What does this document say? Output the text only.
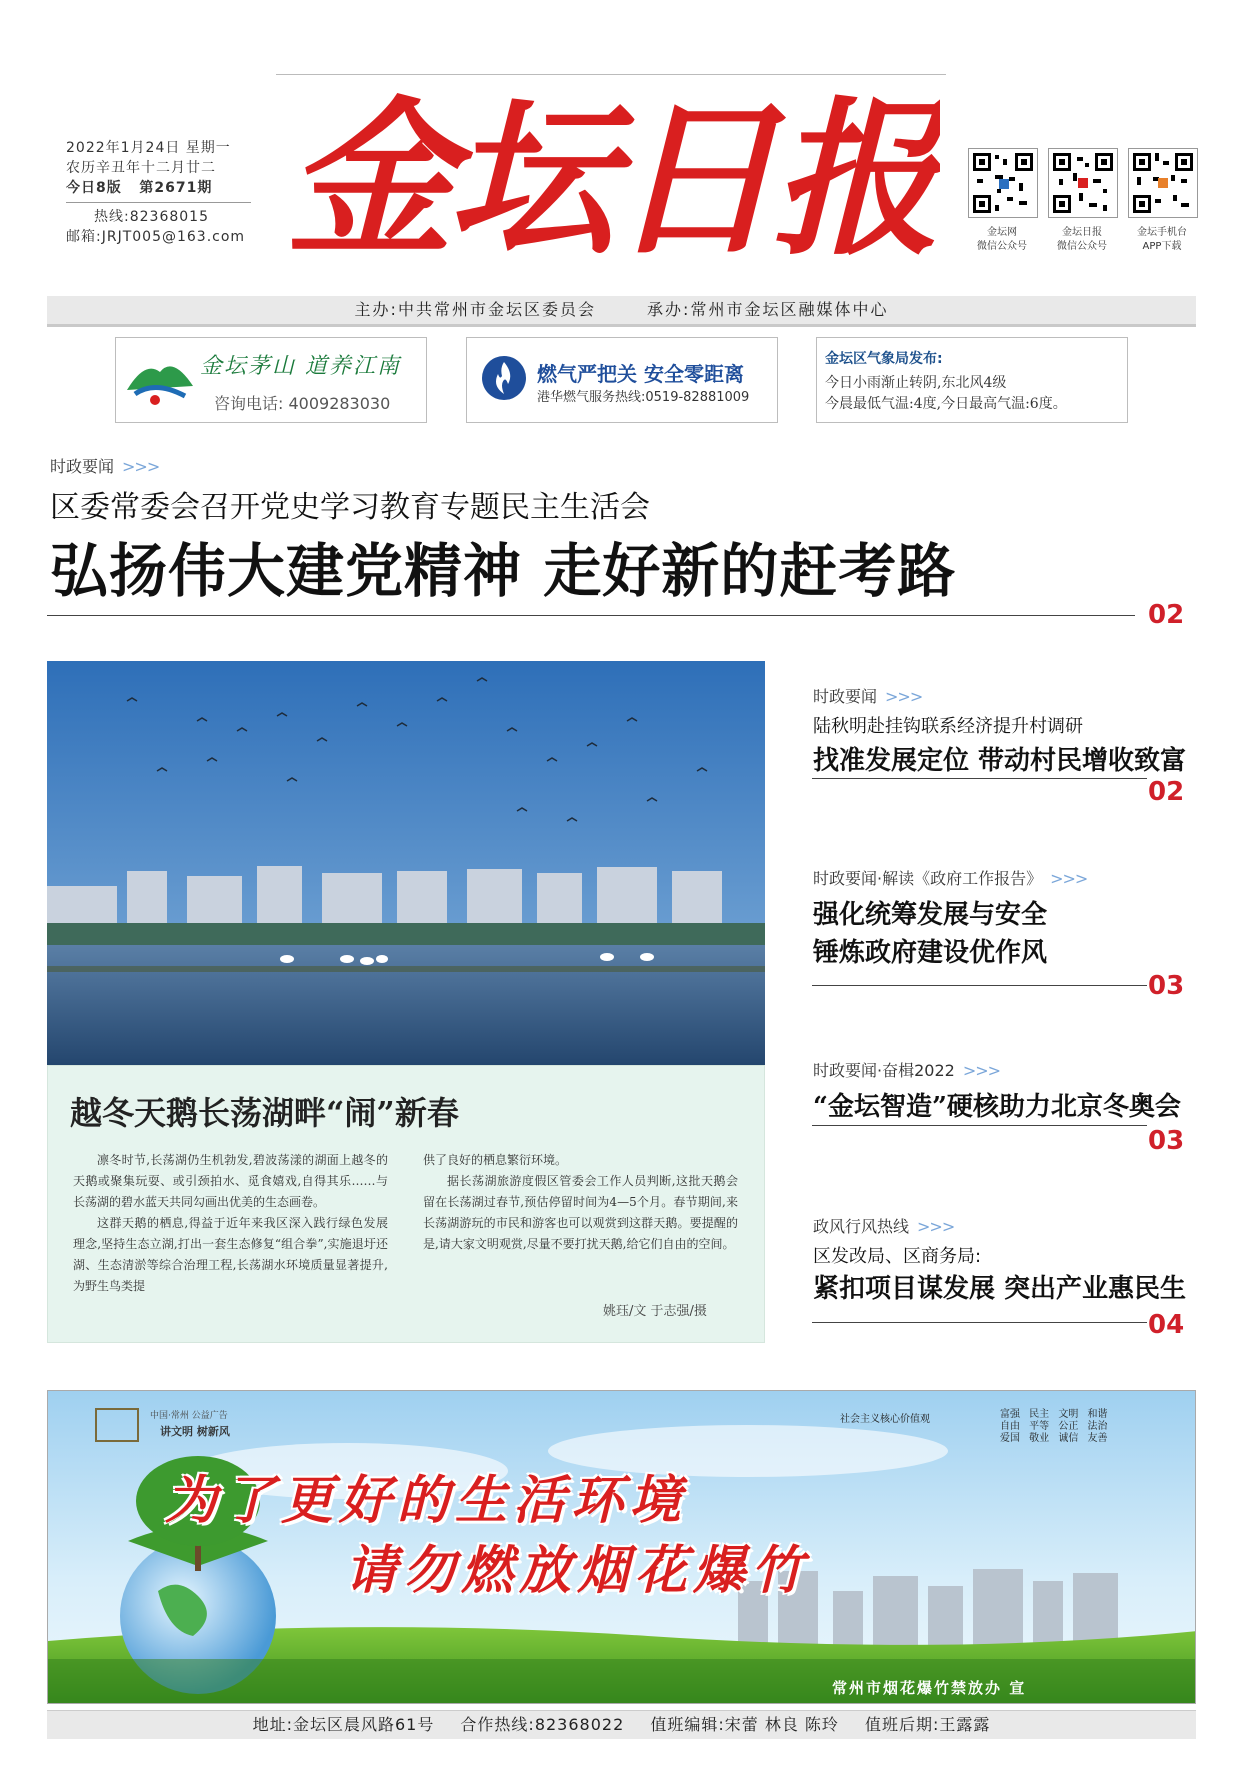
2022年1月24日 星期一
农历辛丑年十二月廿二
今日8版 第2671期
热线:82368015
邮箱:JRJT005@163.com 金坛日报	金坛网
微信公众号
金坛日报
微信公众号
金坛手机台
APP下载
主办:中共常州市金坛区委员会	承办:常州市金坛区融媒体中心
金坛茅山 道养江南
咨询电话: 4009283030
燃气严把关 安全零距离
港华燃气服务热线:0519-82881009
金坛区气象局发布:
今日小雨渐止转阴,东北风4级
今晨最低气温:4度,今日最高气温:6度。
时政要闻 >>>
区委常委会召开党史学习教育专题民主生活会
弘扬伟大建党精神 走好新的赶考路
02
越冬天鹅长荡湖畔“闹”新春
凛冬时节,长荡湖仍生机勃发,碧波荡漾的湖面上越冬的天鹅或聚集玩耍、或引颈拍水、觅食嬉戏,自得其乐……与长荡湖的碧水蓝天共同勾画出优美的生态画卷。
这群天鹅的栖息,得益于近年来我区深入践行绿色发展理念,坚持生态立湖,打出一套生态修复“组合拳”,实施退圩还湖、生态清淤等综合治理工程,长荡湖水环境质量显著提升,为野生鸟类提
供了良好的栖息繁衍环境。
据长荡湖旅游度假区管委会工作人员判断,这批天鹅会留在长荡湖过春节,预估停留时间为4—5个月。春节期间,来长荡湖游玩的市民和游客也可以观赏到这群天鹅。要提醒的是,请大家文明观赏,尽量不要打扰天鹅,给它们自由的空间。
姚珏/文 于志强/摄
时政要闻 >>>
陆秋明赴挂钩联系经济提升村调研
找准发展定位 带动村民增收致富
02
时政要闻·解读《政府工作报告》 >>>
强化统筹发展与安全
锤炼政府建设优作风
03
时政要闻·奋楫2022 >>>
“金坛智造”硬核助力北京冬奥会
03
政风行风热线 >>>
区发改局、区商务局:
紧扣项目谋发展 突出产业惠民生
04
中国·常州 公益广告
讲文明 树新风
社会主义核心价值观	富强 民主 文明 和谐
自由 平等 公正 法治
爱国 敬业 诚信 友善
为了更好的生活环境
请勿燃放烟花爆竹
常州市烟花爆竹禁放办 宣
地址:金坛区晨风路61号 合作热线:82368022 值班编辑:宋蕾 林良 陈玲 值班后期:王露露
